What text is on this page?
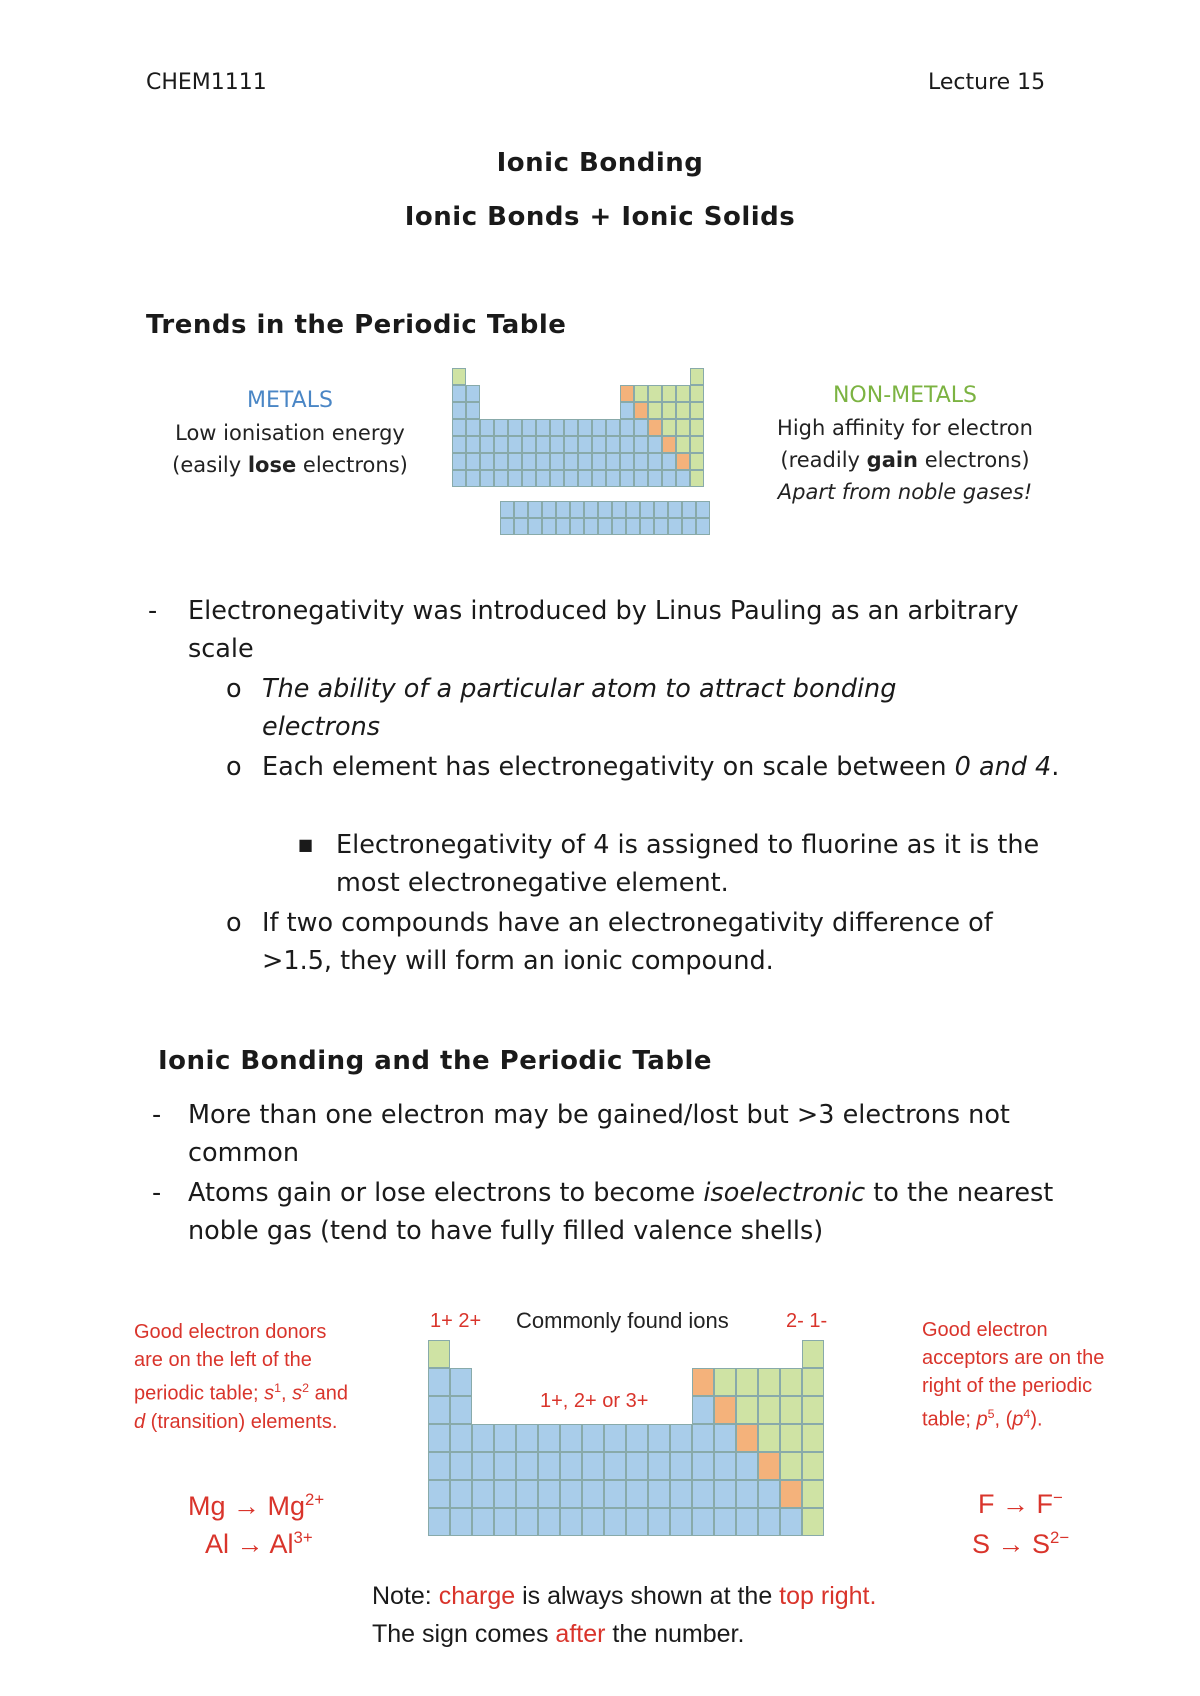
CHEM1111	Lecture 15
Ionic Bonding
Ionic Bonds + Ionic Solids
Trends in the Periodic Table
METALS
Low ionisation energy
(easily lose electrons)
NON-METALS
High affinity for electron
(readily gain electrons)
Apart from noble gases!
- Electronegativity was introduced by Linus Pauling as an arbitrary scale
o The ability of a particular atom to attract bonding electrons
o Each element has electronegativity on scale between 0 and 4.
■ Electronegativity of 4 is assigned to fluorine as it is the most electronegative element.
o If two compounds have an electronegativity difference of >1.5, they will form an ionic compound.
Ionic Bonding and the Periodic Table
- More than one electron may be gained/lost but >3 electrons not common
- Atoms gain or lose electrons to become isoelectronic to the nearest noble gas (tend to have fully filled valence shells)
Good electron donors
are on the left of the
periodic table; $s^1$, $s^2$ and
d (transition) elements.
$Mg \to Mg^{2+}$
$Al \to Al^{3+}$
1+ 2+ Commonly found ions	2- 1-
1+, 2+ or 3+
Good electron
acceptors are on the
right of the periodic
table; $p^5$, $(p^4)$.
F → F−
$S \to S^{2-}$
Note: charge is always shown at the top right.
The sign comes after the number.
